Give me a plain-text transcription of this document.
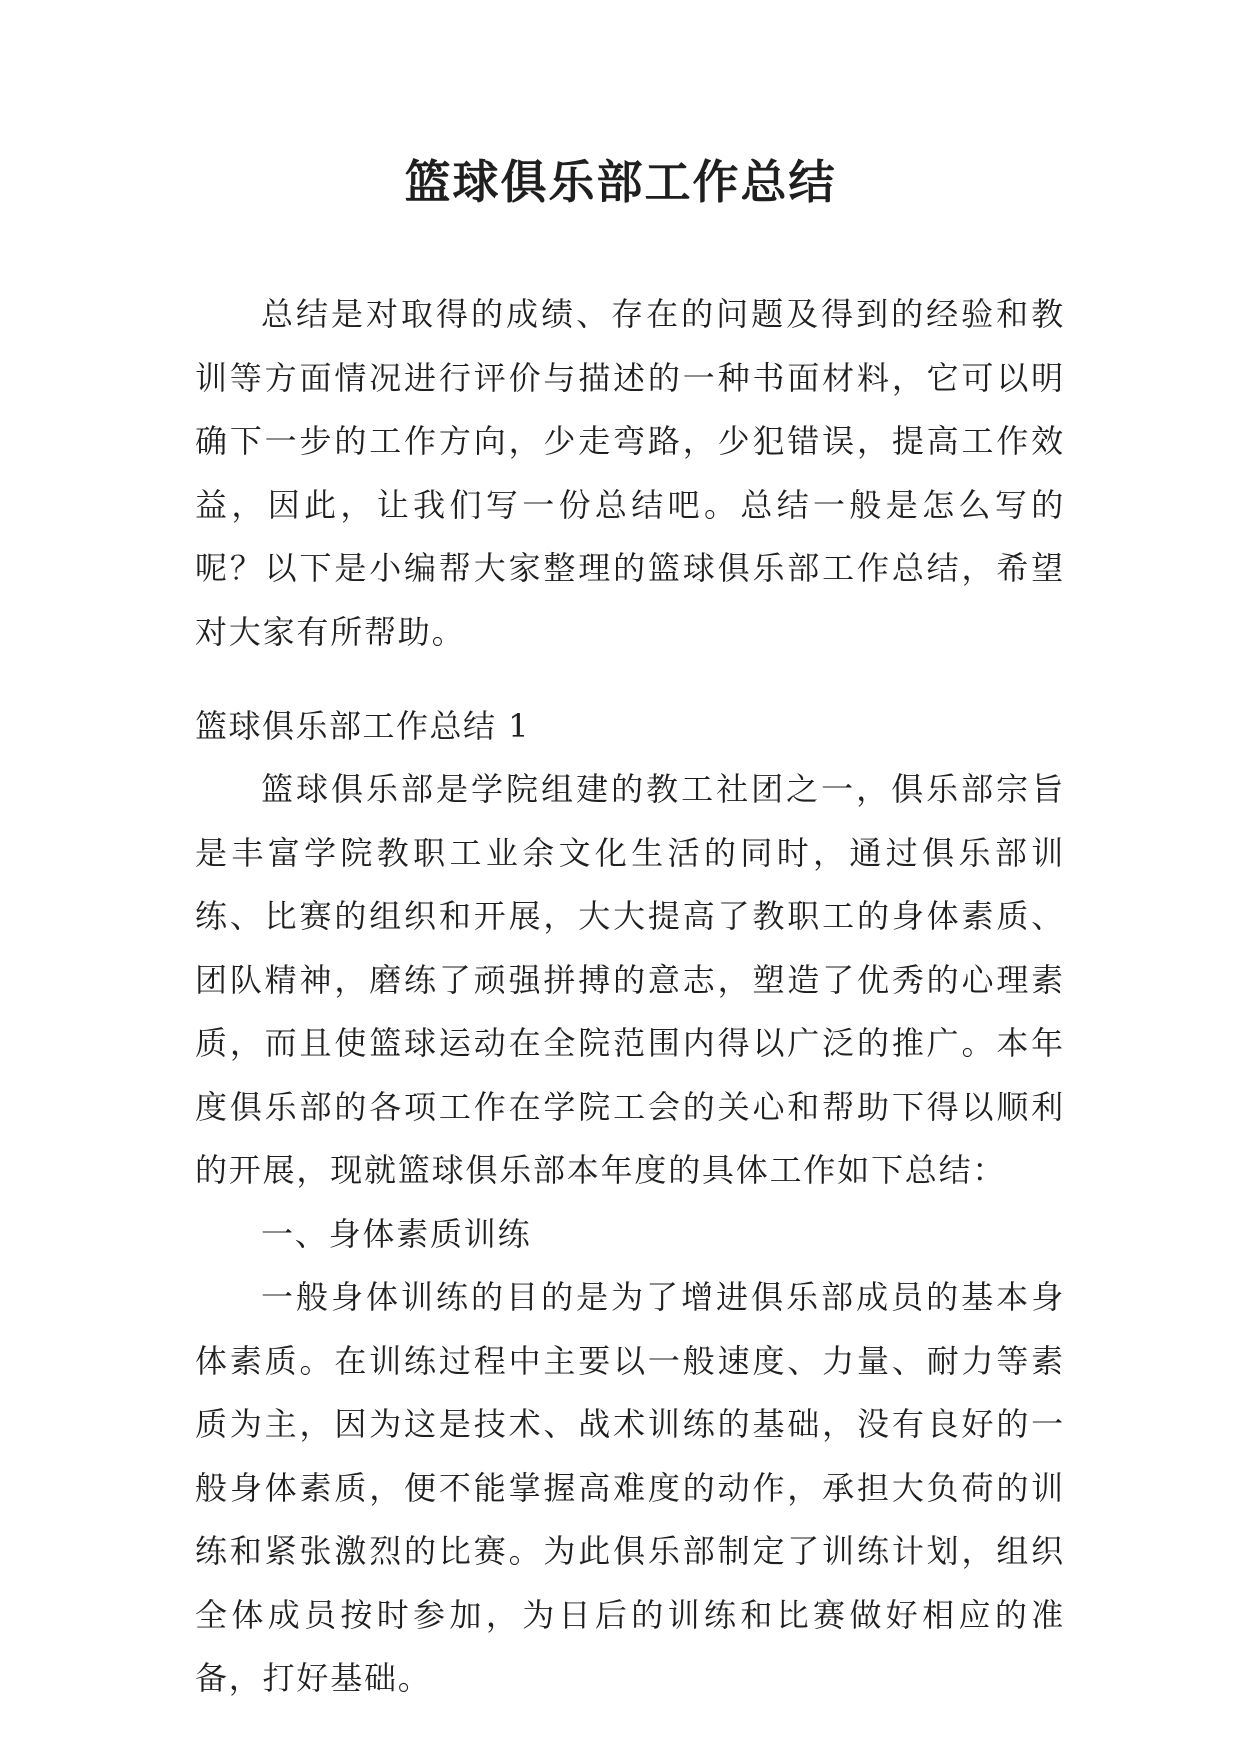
篮球俱乐部工作总结

总结是对取得的成绩、存在的问题及得到的经验和教训等方面情况进行评价与描述的一种书面材料，它可以明确下一步的工作方向，少走弯路，少犯错误，提高工作效益，因此，让我们写一份总结吧。总结一般是怎么写的呢？以下是小编帮大家整理的篮球俱乐部工作总结，希望对大家有所帮助。

篮球俱乐部工作总结 1

篮球俱乐部是学院组建的教工社团之一，俱乐部宗旨是丰富学院教职工业余文化生活的同时，通过俱乐部训练、比赛的组织和开展，大大提高了教职工的身体素质、团队精神，磨练了顽强拼搏的意志，塑造了优秀的心理素质，而且使篮球运动在全院范围内得以广泛的推广。本年度俱乐部的各项工作在学院工会的关心和帮助下得以顺利的开展，现就篮球俱乐部本年度的具体工作如下总结：

一、身体素质训练

一般身体训练的目的是为了增进俱乐部成员的基本身体素质。在训练过程中主要以一般速度、力量、耐力等素质为主，因为这是技术、战术训练的基础，没有良好的一般身体素质，便不能掌握高难度的动作，承担大负荷的训练和紧张激烈的比赛。为此俱乐部制定了训练计划，组织全体成员按时参加，为日后的训练和比赛做好相应的准备，打好基础。
